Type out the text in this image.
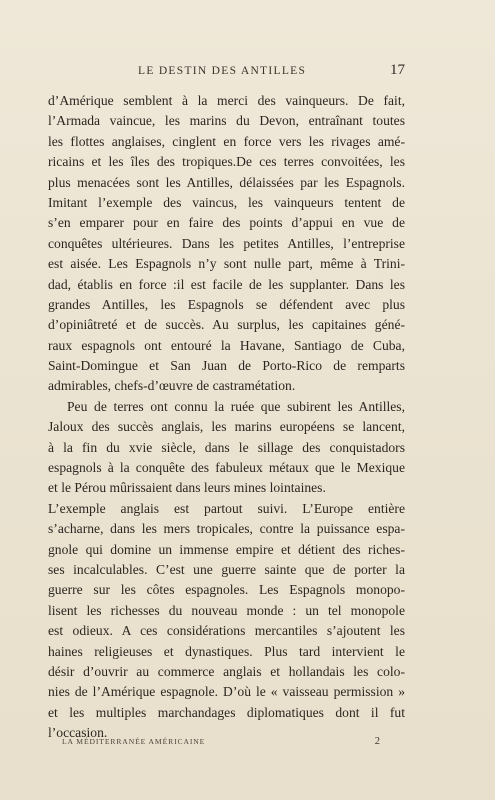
LE DESTIN DES ANTILLES	17
d’Amérique semblent à la merci des vainqueurs. De fait,
l’Armada vaincue, les marins du Devon, entraînant toutes
les flottes anglaises, cinglent en force vers les rivages amé-
ricains et les îles des tropiques.De ces terres convoitées, les
plus menacées sont les Antilles, délaissées par les Espagnols.
Imitant l’exemple des vaincus, les vainqueurs tentent de
s’en emparer pour en faire des points d’appui en vue de
conquêtes ultérieures. Dans les petites Antilles, l’entreprise
est aisée. Les Espagnols n’y sont nulle part, même à Trini-
dad, établis en force :il est facile de les supplanter. Dans les
grandes Antilles, les Espagnols se défendent avec plus
d’opiniâtreté et de succès. Au surplus, les capitaines géné-
raux espagnols ont entouré la Havane, Santiago de Cuba,
Saint-Domingue et San Juan de Porto-Rico de remparts
admirables, chefs-d’œuvre de castramétation.
Peu de terres ont connu la ruée que subirent les Antilles,
Jaloux des succès anglais, les marins européens se lancent,
à la fin du xvie siècle, dans le sillage des conquistadors
espagnols à la conquête des fabuleux métaux que le Mexique
et le Pérou mûrissaient dans leurs mines lointaines.
L’exemple anglais est partout suivi. L’Europe entière
s’acharne, dans les mers tropicales, contre la puissance espa-
gnole qui domine un immense empire et détient des riches-
ses incalculables. C’est une guerre sainte que de porter la
guerre sur les côtes espagnoles. Les Espagnols monopo-
lisent les richesses du nouveau monde : un tel monopole
est odieux. A ces considérations mercantiles s’ajoutent les
haines religieuses et dynastiques. Plus tard intervient le
désir d’ouvrir au commerce anglais et hollandais les colo-
nies de l’Amérique espagnole. D’où le « vaisseau permission »
et les multiples marchandages diplomatiques dont il fut
l’occasion.
LA MÉDITERRANÉE AMÉRICAINE	2
